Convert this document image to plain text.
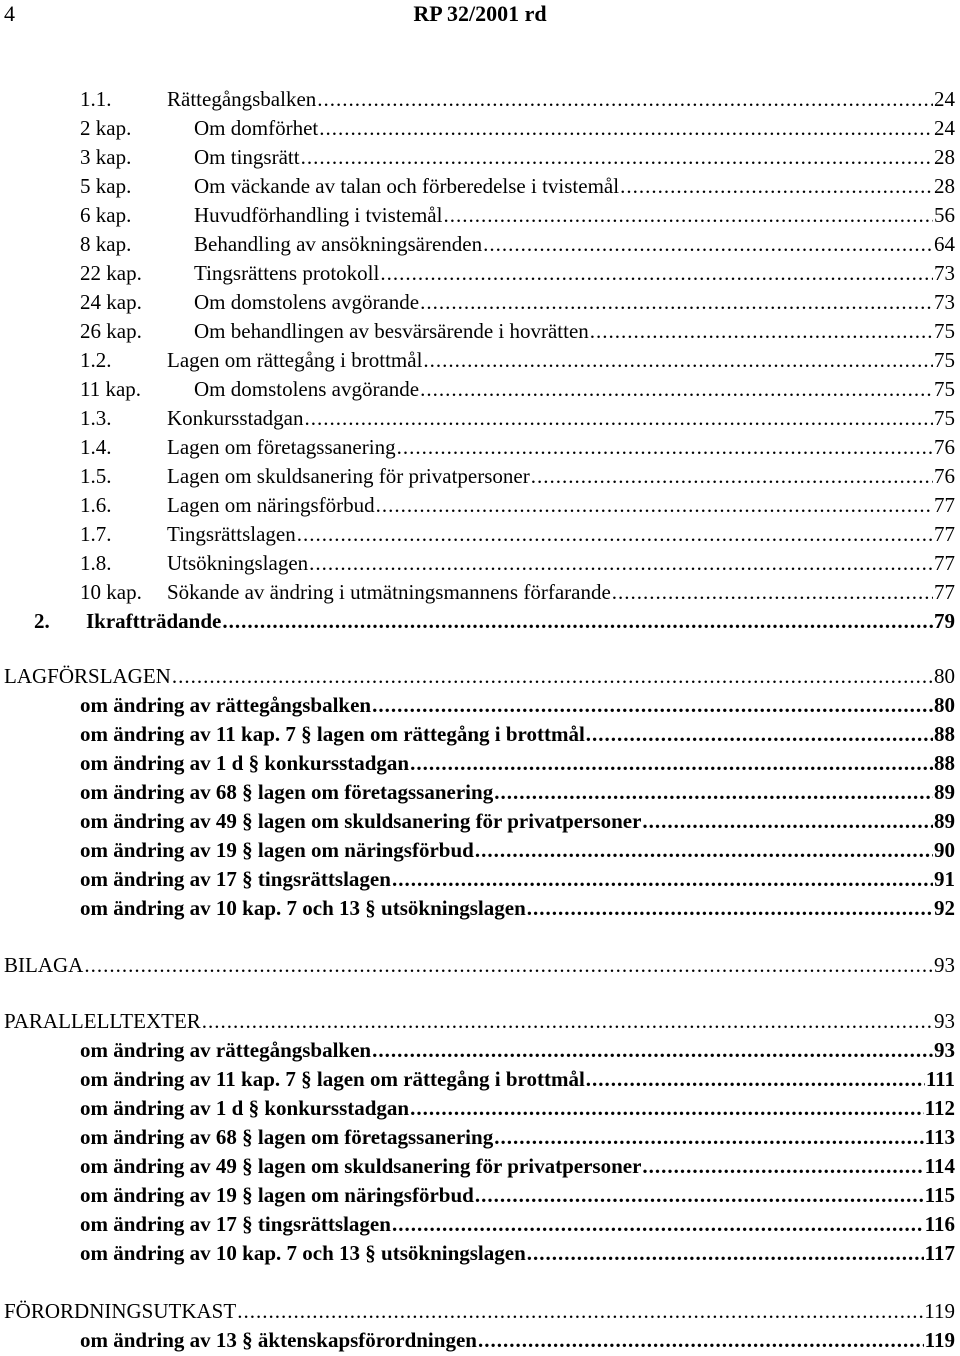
4	RP 32/2001 rd
1.1.	Rättegångsbalken .....	24
2 kap.	Om domförhet .....	24
3 kap.	Om tingsrätt .....	28
5 kap.	Om väckande av talan och förberedelse i tvistemål .....	28
6 kap.	Huvudförhandling i tvistemål .....	56
8 kap.	Behandling av ansökningsärenden .....	64
22 kap.	Tingsrättens protokoll .....	73
24 kap.	Om domstolens avgörande .....	73
26 kap.	Om behandlingen av besvärsärende i hovrätten .....	75
1.2.	Lagen om rättegång i brottmål .....	75
11 kap.	Om domstolens avgörande .....	75
1.3.	Konkursstadgan .....	75
1.4.	Lagen om företagssanering .....	76
1.5.	Lagen om skuldsanering för privatpersoner .....	76
1.6.	Lagen om näringsförbud .....	77
1.7.	Tingsrättslagen .....	77
1.8.	Utsökningslagen .....	77
10 kap.	Sökande av ändring i utmätningsmannens förfarande .....	77
2.	Ikraftträdande .....	79
LAGFÖRSLAGEN .....	80
om ändring av rättegångsbalken .....	80
om ändring av 11 kap. 7 § lagen om rättegång i brottmål .....	88
om ändring av 1 d § konkursstadgan .....	88
om ändring av 68 § lagen om företagssanering .....	89
om ändring av 49 § lagen om skuldsanering för privatpersoner .....	89
om ändring av 19 § lagen om näringsförbud .....	90
om ändring av 17 § tingsrättslagen .....	91
om ändring av 10 kap. 7 och 13 § utsökningslagen .....	92
BILAGA .....	93
PARALLELLTEXTER .....	93
om ändring av rättegångsbalken .....	93
om ändring av 11 kap. 7 § lagen om rättegång i brottmål .....	111
om ändring av 1 d § konkursstadgan .....	112
om ändring av 68 § lagen om företagssanering .....	113
om ändring av 49 § lagen om skuldsanering för privatpersoner .....	114
om ändring av 19 § lagen om näringsförbud .....	115
om ändring av 17 § tingsrättslagen .....	116
om ändring av 10 kap. 7 och 13 § utsökningslagen .....	117
FÖRORDNINGSUTKAST .....	119
om ändring av 13 § äktenskapsförordningen .....	119
